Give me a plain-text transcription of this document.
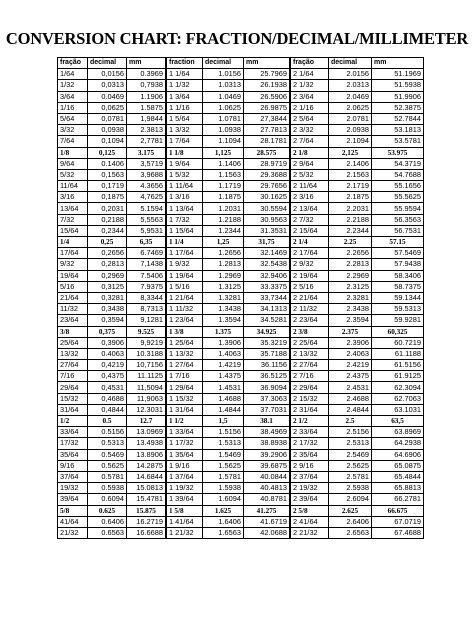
CONVERSION CHART: FRACTION/DECIMAL/MILLIMETER
fração	decimal	mm
1/64	0,0156	0.3969
1/32	0,0313	0,7938
3/64	0.0469	1.1906
1/16	0,0625	1.5875
5/64	0,0781	1,9844
3/32	0,0938	2.3813
7/64	0,1094	2,7781
1/8	0,125	3.175
9/64	0.1406	3,5719
5/32	0,1563	3,9688
11/64	0,1719	4.3656
3/16	0,1875	4,7625
13/64	0,2031	5.1594
7/32	0,2188	5,5563
15/64	0,2344	5,9531
1/4	0,25	6,35
17/64	0,2656	6.7469
9/32	0,2813	7,1438
19/64	0,2969	7.5406
5/16	0,3125	7.9375
21/64	0,3281	8,3344
11/32	0,3438	8,7313
23/64	0,3594	9,1281
3/8	0,375	9.525
25/64	0,3906	9,9219
13/32	0.4063	10.3188
27/64	0,4219	10,7156
7/16	0,4375	11.1125
29/64	0,4531	11,5094
15/32	0,4688	11,9063
31/64	0,4844	12.3031
1/2	0.5	12.7
33/64	0.5156	13.0969
17/32	0.5313	13.4938
35/64	0.5469	13.8906
9/16	0.5625	14.2875
37/64	0.5781	14.6844
19/32	0.5938	15.0813
39/64	0.6094	15.4781
5/8	0.625	15.875
41/64	0.6406	16.2719
21/32	0.6563	16.6688
fraction	decimal	mm
1 1/64	1.0156	25.7969
1 1/32	1.0313	26.1938
1 3/64	1.0469	26.5906
1 1/16	1.0625	26.9875
1 5/64	1.0781	27,3844
1 3/32	1.0938	27.7813
1 7/64	1.1094	28.1781
1 1/8	1,125	28.575
1 9/64	1.1406	28.9719
1 5/32	1.1563	29.3688
1 11/64	1.1719	29.7656
1 3/16	1.1875	30.1625
1 13/64	1.2031	30.5594
1 7/32	1.2188	30.9563
1 15/64	1.2344	31.3531
1 1/4	1,25	31,75
1 17/64	1.2656	32.1469
1 9/32	1.2813	32.5438
1 19/64	1.2969	32.9406
1 5/16	1.3125	33.3375
1 21/64	1.3281	33,7344
1 11/32	1.3438	34.1313
1 23/64	1.3594	34.5281
1 3/8	1.375	34.925
1 25/64	1.3906	35.3219
1 13/32	1.4063	35.7188
1 27/64	1.4219	36.1156
1 7/16	1.4375	36.5125
1 29/64	1.4531	36.9094
1 15/32	1.4688	37.3063
1 31/64	1.4844	37.7031
1 1/2	1,5	38.1
1 33/64	1.5156	38.4969
1 17/32	1.5313	38.8938
1 35/64	1.5469	39.2906
1 9/16	1.5625	39.6875
1 37/64	1.5781	40.0844
1 19/32	1.5938	40.4813
1 39/64	1.6094	40.8781
1 5/8	1.625	41.275
1 41/64	1.6406	41.6719
1 21/32	1.6563	42.0688
fração	decimal	mm
2 1/64	2.0156	51.1969
2 1/32	2.0313	51.5938
2 3/64	2.0469	51.9906
2 1/16	2.0625	52.3875
2 5/64	2.0781	52.7844
2 3/32	2.0938	53.1813
2 7/64	2.1094	53.5781
2 1/8	2,125	53.975
2 9/64	2.1406	54.3719
2 5/32	2.1563	54.7688
2 11/64	2.1719	55.1656
2 3/16	2.1875	55.5625
2 13/64	2.2031	55.9594
2 7/32	2.2188	56.3563
2 15/64	2.2344	56.7531
2 1/4	2.25	57.15
2 17/64	2.2656	57.5469
2 9/32	2.2813	57.9438
2 19/64	2.2969	58.3406
2 5/16	2.3125	58.7375
2 21/64	2.3281	59.1344
2 11/32	2.3438	59.5313
2 23/64	2.3594	59.9281
2 3/8	2.375	60,325
2 25/64	2.3906	60.7219
2 13/32	2.4063	61.1188
2 27/64	2.4219	61.5156
2 7/16	2.4375	61.9125
2 29/64	2.4531	62.3094
2 15/32	2.4688	62.7063
2 31/64	2.4844	63.1031
2 1/2	2.5	63,5
2 33/64	2.5156	63.8969
2 17/32	2.5313	64.2938
2 35/64	2.5469	64.6906
2 9/16	2.5625	65.0875
2 37/64	2.5781	65.4844
2 19/32	2.5938	65.8813
2 39/64	2.6094	66.2781
2 5/8	2.625	66.675
2 41/64	2.6406	67.0719
2 21/32	2.6563	67.4688
